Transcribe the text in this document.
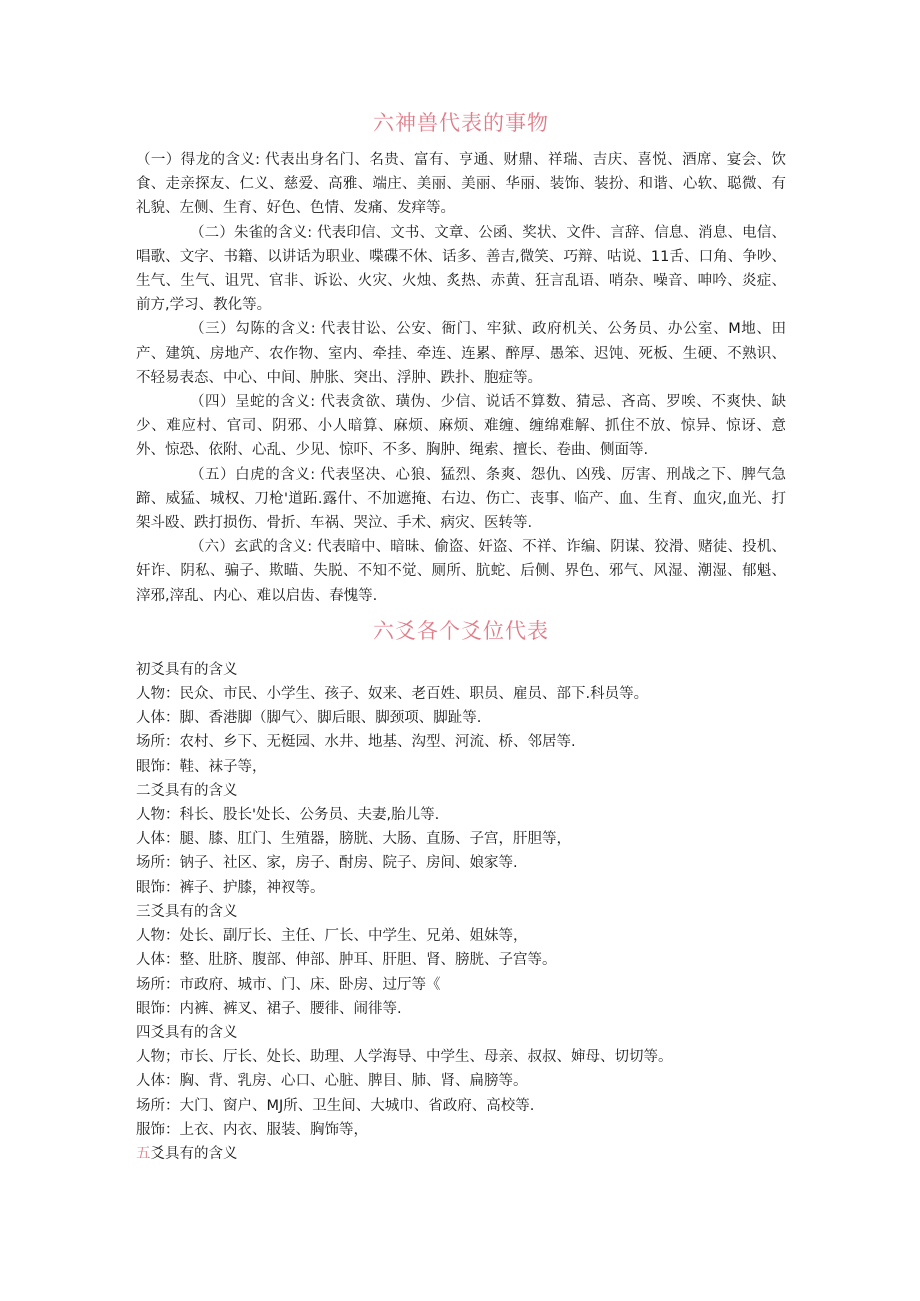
六神兽代表的事物

（一）得龙的含义: 代表出身名门、名贵、富有、亨通、财鼎、祥瑞、吉庆、喜悦、酒席、宴会、饮食、走亲探友、仁义、慈爱、高雅、端庄、美丽、美丽、华丽、装饰、装扮、和谐、心软、聪微、有礼貌、左侧、生育、好色、色情、发痛、发痒等。

（二）朱雀的含义: 代表印信、文书、文章、公函、奖状、文件、言辞、信息、消息、电信、唱歌、文字、书籍、以讲话为职业、喋碟不休、话多、善吉,微笑、巧辩、咕说、11舌、口角、争吵、生气、生气、诅咒、官非、诉讼、火灾、火烛、炙热、赤黄、狂言乱语、哨杂、噪音、呻吟、炎症、前方,学习、教化等。

（三）勾陈的含义: 代表甘讼、公安、衙门、牢狱、政府机关、公务员、办公室、M地、田产、建筑、房地产、农作物、室内、牵挂、牵连、连累、醉厚、愚笨、迟饨、死板、生硬、不熟识、不轻易表态、中心、中间、肿胀、突出、浮肿、跌扑、胞症等。

（四）呈蛇的含义: 代表贪欲、璜伪、少信、说话不算数、猜忌、吝高、罗唉、不爽快、缺少、难应村、官司、阴邪、小人暗算、麻烦、麻烦、难缠、缠绵难解、抓住不放、惊异、惊讶、意外、惊恐、依附、心乱、少见、惊吓、不多、胸肿、绳索、擅长、卷曲、侧面等.

（五）白虎的含义: 代表坚决、心狼、猛烈、条爽、怨仇、凶残、厉害、刑战之下、脾气急蹄、威猛、城权、刀枪'道跖.露什、不加遮掩、右边、伤亡、丧事、临产、血、生育、血灾,血光、打架斗殴、跌打损伤、骨折、车祸、哭泣、手术、病灾、医转等.

（六）玄武的含义: 代表暗中、暗昧、偷盗、奸盗、不祥、诈编、阴谋、狡滑、赌徒、投机、奸诈、阴私、骗子、欺瞄、失脱、不知不觉、厕所、肮蛇、后侧、界色、邪气、风湿、潮湿、郁魁、滓邪,滓乱、内心、难以启齿、春愧等.

六爻各个爻位代表

初爻具有的含义

人物：民众、市民、小学生、孩子、奴来、老百姓、职员、雇员、部下.科员等。

人体：脚、香港脚（脚气〉、脚后眼、脚颈项、脚趾等.

场所：农村、乡下、无梃园、水井、地基、沟型、河流、桥、邻居等.

眼饰：鞋、袜子等，

二爻具有的含义

人物：科长、股长'处长、公务员、夫妻,胎儿等.

人体：腿、膝、肛门、生殖器，膀胱、大肠、直肠、子宫，肝胆等，

场所：钠子、社区、家，房子、酎房、院子、房间、娘家等.

眼饰：裤子、护膝，神衩等。

三爻具有的含义

人物：处长、副厅长、主任、厂长、中学生、兄弟、姐妹等，

人体：整、肚脐、腹部、伸部、肿耳、肝胆、肾、膀胱、子宫等。

场所：市政府、城市、门、床、卧房、过厅等《

眼饰：内裤、裤叉、裙子、腰徘、闹徘等.

四爻具有的含义

人物；市长、厅长、处长、助理、人学海导、中学生、母亲、叔叔、婶母、切切等。

人体：胸、背、乳房、心口、心脏、脾目、肺、肾、扁膀等。

场所：大门、窗户、MJ所、卫生间、大城巾、省政府、高校等.

服饰：上衣、内衣、服装、胸饰等，

五爻具有的含义
